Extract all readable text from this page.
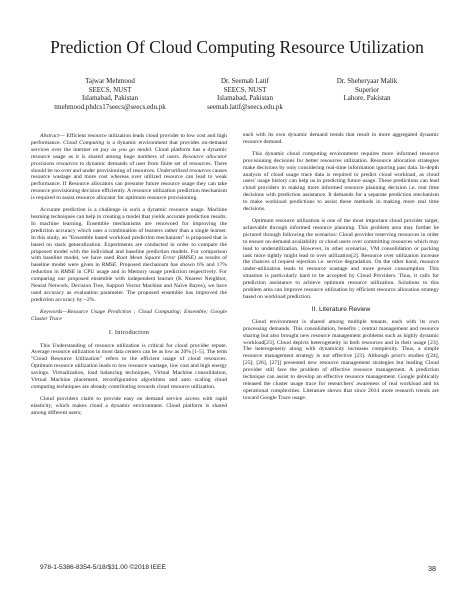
Prediction Of Cloud Computing Resource Utilization
Tajwar Mehmood
SEECS, NUST
Islamabad, Pakistan
tmehmood.phdcs17seecs@seecs.edu.pk
Dr. Seemab Latif
SEECS, NUST
Islamabad, Pakistan
seemab.latif@seecs.edu.pk
Dr. Sheheryaar Malik
Superior
Lahore, Pakistan

Abstract— Efficient resource utilization leads cloud provider to low cost and high performance. Cloud Computing is a dynamic environment that provides on-demand services over the internet on pay as you go model. Cloud platform has a dynamic resource usage as it is shared among huge numbers of users. Resource allocator provisions resources to dynamic demands of user from finite set of resources. There should be no over and under provisioning of resources. Underutilized resources causes resource wastage and more cost whereas over utilized resource can lead to weak performance. If Resource allocators can presume future resource usage they can take resource provisioning decision efficiently. A resource utilization prediction mechanism is required to assist resource allocator for optimum resource provisioning.

Accurate prediction is a challenge in such a dynamic resource usage. Machine learning techniques can help in creating a model that yields accurate prediction results. In machine learning, Ensemble mechanisms are renowned for improving the prediction accuracy which uses a combination of learners rather than a single learner. In this study, an "Ensemble based workload prediction mechanism" is proposed that is based on stack generalization. Experiments are conducted in order to compare the proposed model with the individual and baseline prediction models. For comparison with baseline model, we have used Root Mean Square Error (RMSE) as results of baseline model were given in RMSE. Proposed mechanism has shown 6% and 17% reduction in RMSE in CPU usage and in Memory usage prediction respectively. For comparing our proposed ensemble with independent learner (K Nearest Neighbor, Neural Network, Decision Tree, Support Vector Machine and Naïve Bayes), we have used accuracy as evaluation parameter. The proposed ensemble has improved the prediction accuracy by ~2%.

Keywords—Resource Usage Prediction ; Cloud Computing; Ensemble; Google Cluster Trace

I. Introduction

This Understanding of resource utilization is critical for cloud provider repute. Average resource utilization in most data centers can be as low as 20% [1-5]. The term "Cloud Resource Utilization" refers to the efficient usage of cloud resources. Optimum resource utilization leads to low resource wastage, low cost and high energy savings. Virtualization, load balancing techniques, Virtual Machine consolidation, Virtual Machine placement, reconfiguration algorithms and auto scaling cloud computing techniques are already contributing towards cloud resource utilization.

Cloud providers claim to provide easy on demand service access with rapid elasticity, which makes cloud a dynamic environment. Cloud platform is shared among different users;

each with its own dynamic demand trends that result in more aggregated dynamic resource demand.

This dynamic cloud computing environment requires more informed resource provisioning decisions for better resources utilization. Resource allocation strategies make decisions by only considering real-time information ignoring past data. In-depth analysis of cloud usage trace data is required to predict cloud workload, as cloud users' usage history can help us in predicting future usage. These predictions can lead cloud providers in making more informed resource planning decision i.e. real time decisions with prediction assistance. It demands for a separate prediction mechanism to make workload predictions to assist these methods in making more real time decisions.

Optimum resource utilization is one of the most important cloud provider target, achievable through informed resource planning. This problem area may further be pictured through following the scenarios: Cloud provider reserving resources in order to ensure on-demand availability or cloud users over committing resources which may lead to underutilization. However, in other scenarios, VM consolidation or packing task more tightly might lead to over utilization[2]. Resource over utilization increase the chances of request rejection i.e. service degradation. On the other hand, resource under-utilization leads to resource wastage and more power consumption. This situation is particularly hard to be accepted by Cloud Providers. Thus, it calls for prediction assistance to achieve optimum resource utilization. Solutions to this problem area can improve resource utilization by efficient resource allocation strategy based on workload prediction.

II. Literature Review

Cloud environment is shared among multiple tenants, each with its own processing demands. This consolidation, benefits ; central management and resource sharing but also brought new resource management problems such as highly dynamic workload[23]. Cloud depicts heterogeneity in both resources and in their usage [23]. The heterogeneity along with dynamicity increases complexity. Thus, a simple resource management strategy is not effective [23]. Although prior's studies ([24], [25], [26], [27]] presented new resource management strategies but leading Cloud provider still face the problem of effective resource management. A prediction technique can assist to develop an effective resource management. Google publically released the cluster usage trace for researchers' awareness of real workload and its operational complexities. Literature shows that since 2014 more research trends are toward Google Trace usage.

978-1-5386-8354-5/18/$31.00 ©2018 IEEE	38
